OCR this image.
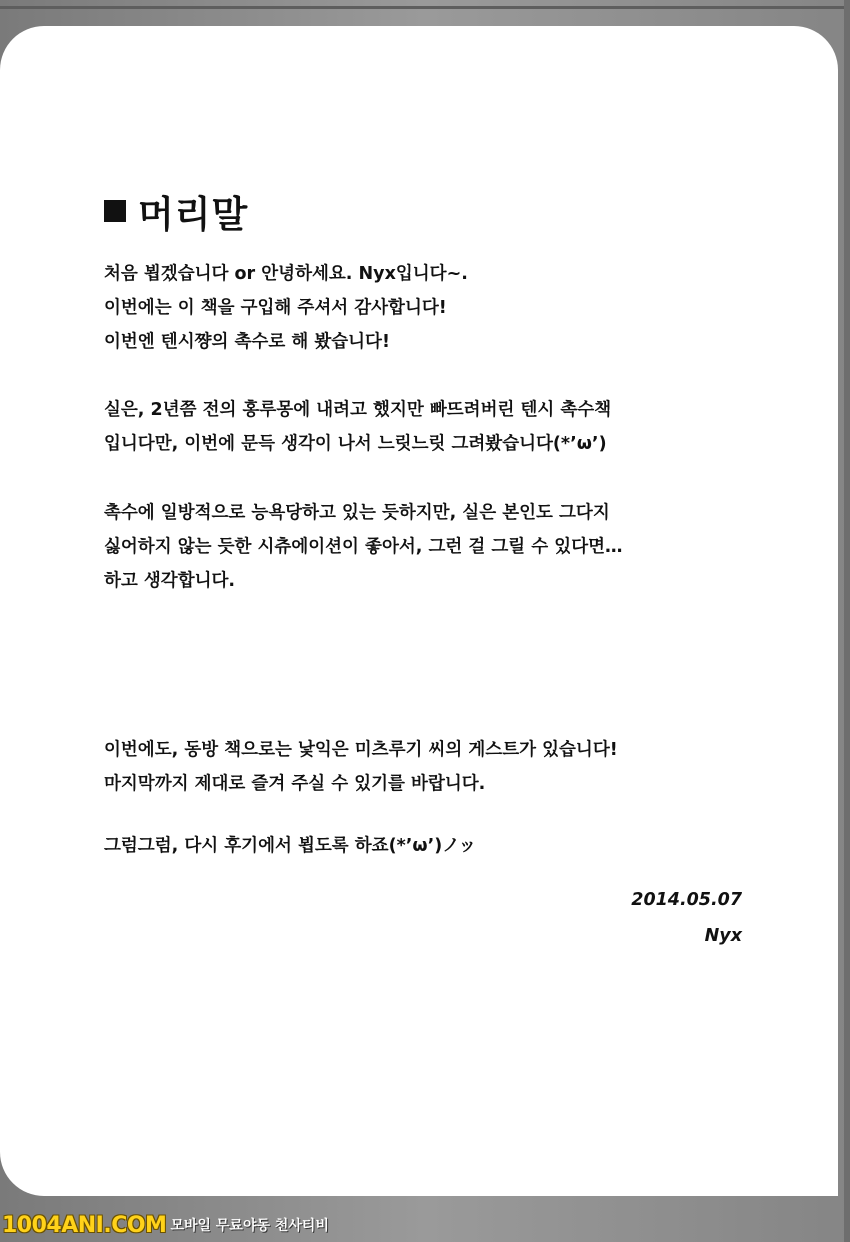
머리말
처음 뵙겠습니다 or 안녕하세요. Nyx입니다~.
이번에는 이 책을 구입해 주셔서 감사합니다!
이번엔 텐시쨩의 촉수로 해 봤습니다!
실은, 2년쯤 전의 홍루몽에 내려고 했지만 빠뜨려버린 텐시 촉수책
입니다만, 이번에 문득 생각이 나서 느릿느릿 그려봤습니다(*’ω’)
촉수에 일방적으로 능욕당하고 있는 듯하지만, 실은 본인도 그다지
싫어하지 않는 듯한 시츄에이션이 좋아서, 그런 걸 그릴 수 있다면…
하고 생각합니다.
이번에도, 동방 책으로는 낯익은 미츠루기 씨의 게스트가 있습니다!
마지막까지 제대로 즐겨 주실 수 있기를 바랍니다.
그럼그럼, 다시 후기에서 뵙도록 하죠(*’ω’)ノッ
2014.05.07
Nyx
1004ANI.COM 모바일 무료야동 천사티비
